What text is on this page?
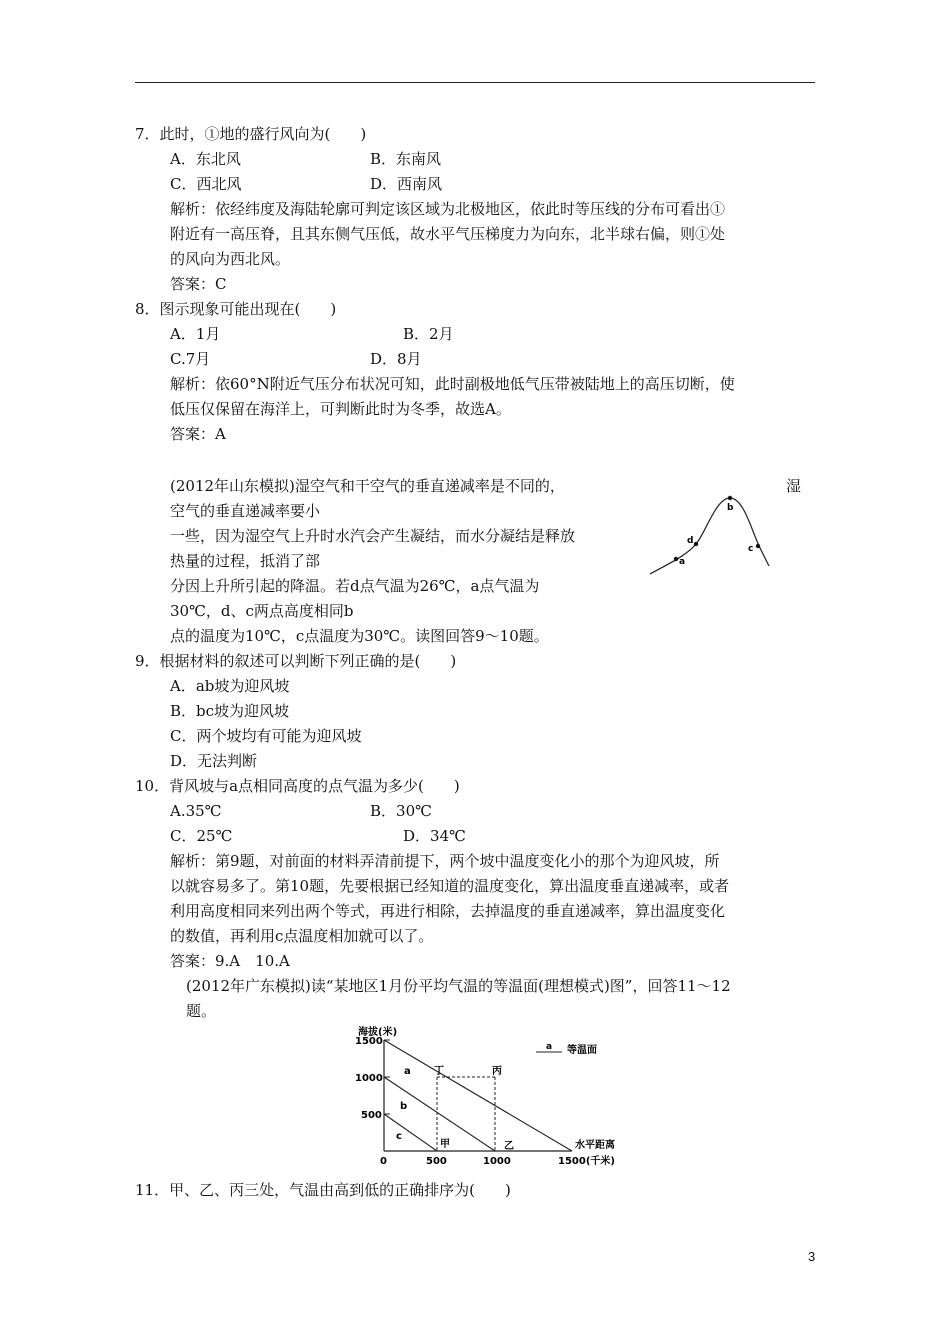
7．此时，①地的盛行风向为(　　)
A．东北风	B．东南风
C．西北风	D．西南风
解析：依经纬度及海陆轮廓可判定该区域为北极地区，依此时等压线的分布可看出①
附近有一高压脊，且其东侧气压低，故水平气压梯度力为向东，北半球右偏，则①处
的风向为西北风。
答案：C
8．图示现象可能出现在(　　)
A．1月	B．2月
C.7月	D．8月
解析：依60°N附近气压分布状况可知，此时副极地低气压带被陆地上的高压切断，使
低压仅保留在海洋上，可判断此时为冬季，故选A。
答案：A
(2012年山东模拟)湿空气和干空气的垂直递减率是不同的，	湿
空气的垂直递减率要小
一些，因为湿空气上升时水汽会产生凝结，而水分凝结是释放
热量的过程，抵消了部
分因上升所引起的降温。若d点气温为26℃，a点气温为
30℃，d、c两点高度相同b
点的温度为10℃，c点温度为30℃。读图回答9～10题。
a
b
c
d
9．根据材料的叙述可以判断下列正确的是(　　)
A．ab坡为迎风坡
B．bc坡为迎风坡
C．两个坡均有可能为迎风坡
D．无法判断
10．背风坡与a点相同高度的点气温为多少(　　)
A.35℃	B．30℃
C．25℃	D．34℃
解析：第9题，对前面的材料弄清前提下，两个坡中温度变化小的那个为迎风坡，所
以就容易多了。第10题，先要根据已经知道的温度变化，算出温度垂直递减率，或者
利用高度相同来列出两个等式，再进行相除，去掉温度的垂直递减率，算出温度变化
的数值，再利用c点温度相加就可以了。
答案：9.A　10.A
(2012年广东模拟)读“某地区1月份平均气温的等温面(理想模式)图”，回答11～12
题。
海拔(米)
1500
1000
500
0	500	1000	1500(千米)
水平距离
a
b
c
甲	乙
丙
丁
a 等温面
11．甲、乙、丙三处，气温由高到低的正确排序为(　　)
3
